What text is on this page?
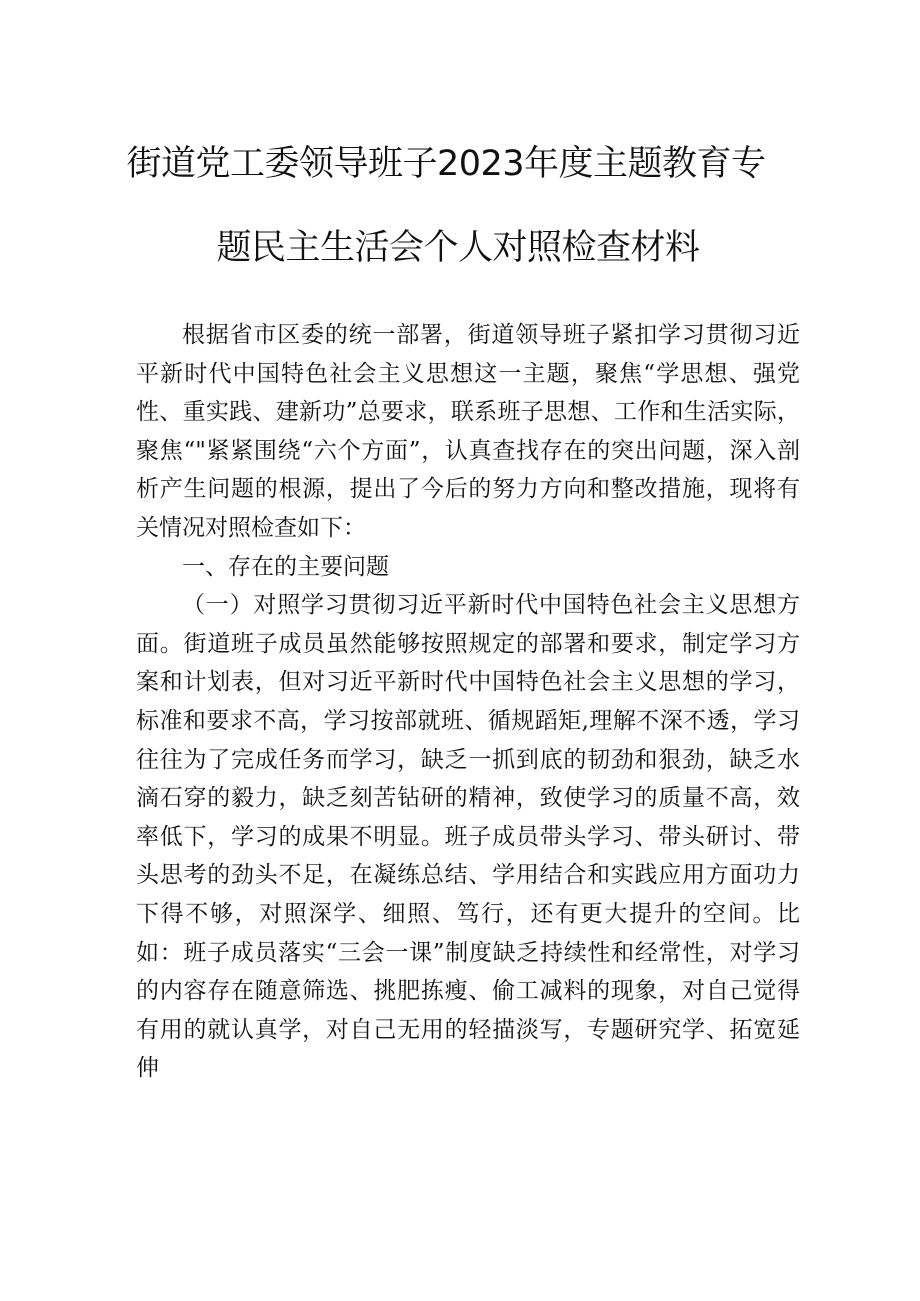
街道党工委领导班子2023年度主题教育专
题民主生活会个人对照检查材料

根据省市区委的统一部署，街道领导班子紧扣学习贯彻习近平新时代中国特色社会主义思想这一主题，聚焦“学思想、强党性、重实践、建新功”总要求，联系班子思想、工作和生活实际，聚焦“"紧紧围绕“六个方面”，认真查找存在的突出问题，深入剖析产生问题的根源，提出了今后的努力方向和整改措施，现将有关情况对照检查如下：

一、存在的主要问题

（一）对照学习贯彻习近平新时代中国特色社会主义思想方面。街道班子成员虽然能够按照规定的部署和要求，制定学习方案和计划表，但对习近平新时代中国特色社会主义思想的学习，标准和要求不高，学习按部就班、循规蹈矩,理解不深不透，学习往往为了完成任务而学习，缺乏一抓到底的韧劲和狠劲，缺乏水滴石穿的毅力，缺乏刻苦钻研的精神，致使学习的质量不高，效率低下，学习的成果不明显。班子成员带头学习、带头研讨、带头思考的劲头不足，在凝练总结、学用结合和实践应用方面功力下得不够，对照深学、细照、笃行，还有更大提升的空间。比如：班子成员落实“三会一课”制度缺乏持续性和经常性，对学习的内容存在随意筛选、挑肥拣瘦、偷工减料的现象，对自己觉得有用的就认真学，对自己无用的轻描淡写，专题研究学、拓宽延伸
